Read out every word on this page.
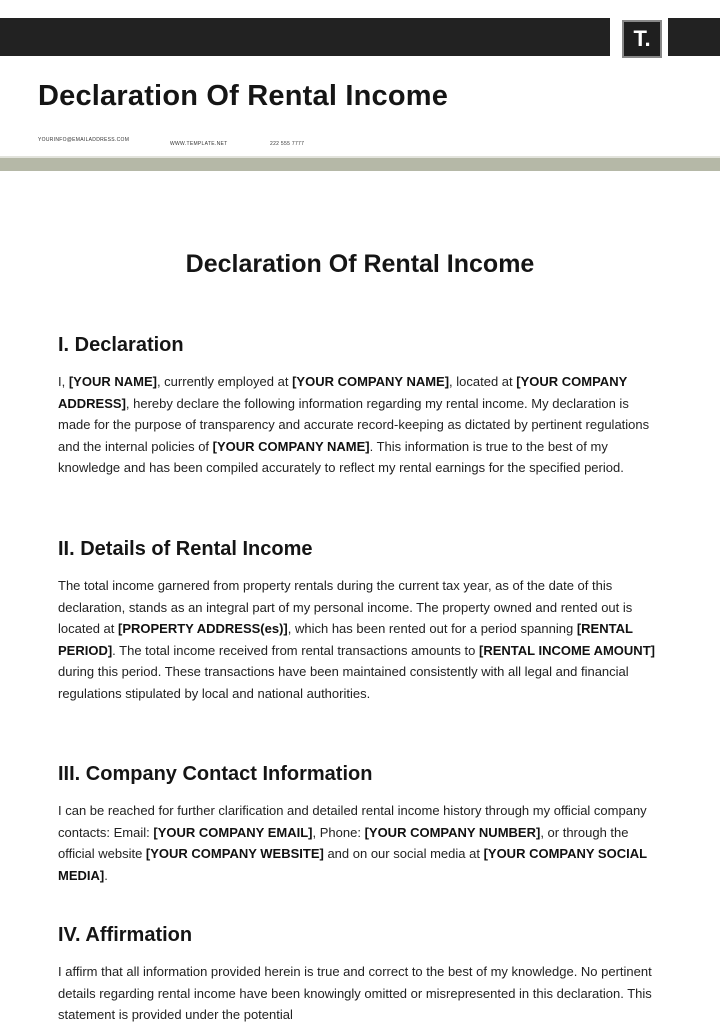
T.
Declaration Of Rental Income
YOURINFO@EMAILADDRESS.COM
WWW.TEMPLATE.NET	222 555 7777
Declaration Of Rental Income
I. Declaration

I, [YOUR NAME], currently employed at [YOUR COMPANY NAME], located at [YOUR COMPANY ADDRESS], hereby declare the following information regarding my rental income. My declaration is made for the purpose of transparency and accurate record-keeping as dictated by pertinent regulations and the internal policies of [YOUR COMPANY NAME]. This information is true to the best of my knowledge and has been compiled accurately to reflect my rental earnings for the specified period.

II. Details of Rental Income

The total income garnered from property rentals during the current tax year, as of the date of this declaration, stands as an integral part of my personal income. The property owned and rented out is located at [PROPERTY ADDRESS(es)], which has been rented out for a period spanning [RENTAL PERIOD]. The total income received from rental transactions amounts to [RENTAL INCOME AMOUNT] during this period. These transactions have been maintained consistently with all legal and financial regulations stipulated by local and national authorities.

III. Company Contact Information

I can be reached for further clarification and detailed rental income history through my official company contacts: Email: [YOUR COMPANY EMAIL], Phone: [YOUR COMPANY NUMBER], or through the official website [YOUR COMPANY WEBSITE] and on our social media at [YOUR COMPANY SOCIAL MEDIA].

IV. Affirmation

I affirm that all information provided herein is true and correct to the best of my knowledge. No pertinent details regarding rental income have been knowingly omitted or misrepresented in this declaration. This statement is provided under the potential
